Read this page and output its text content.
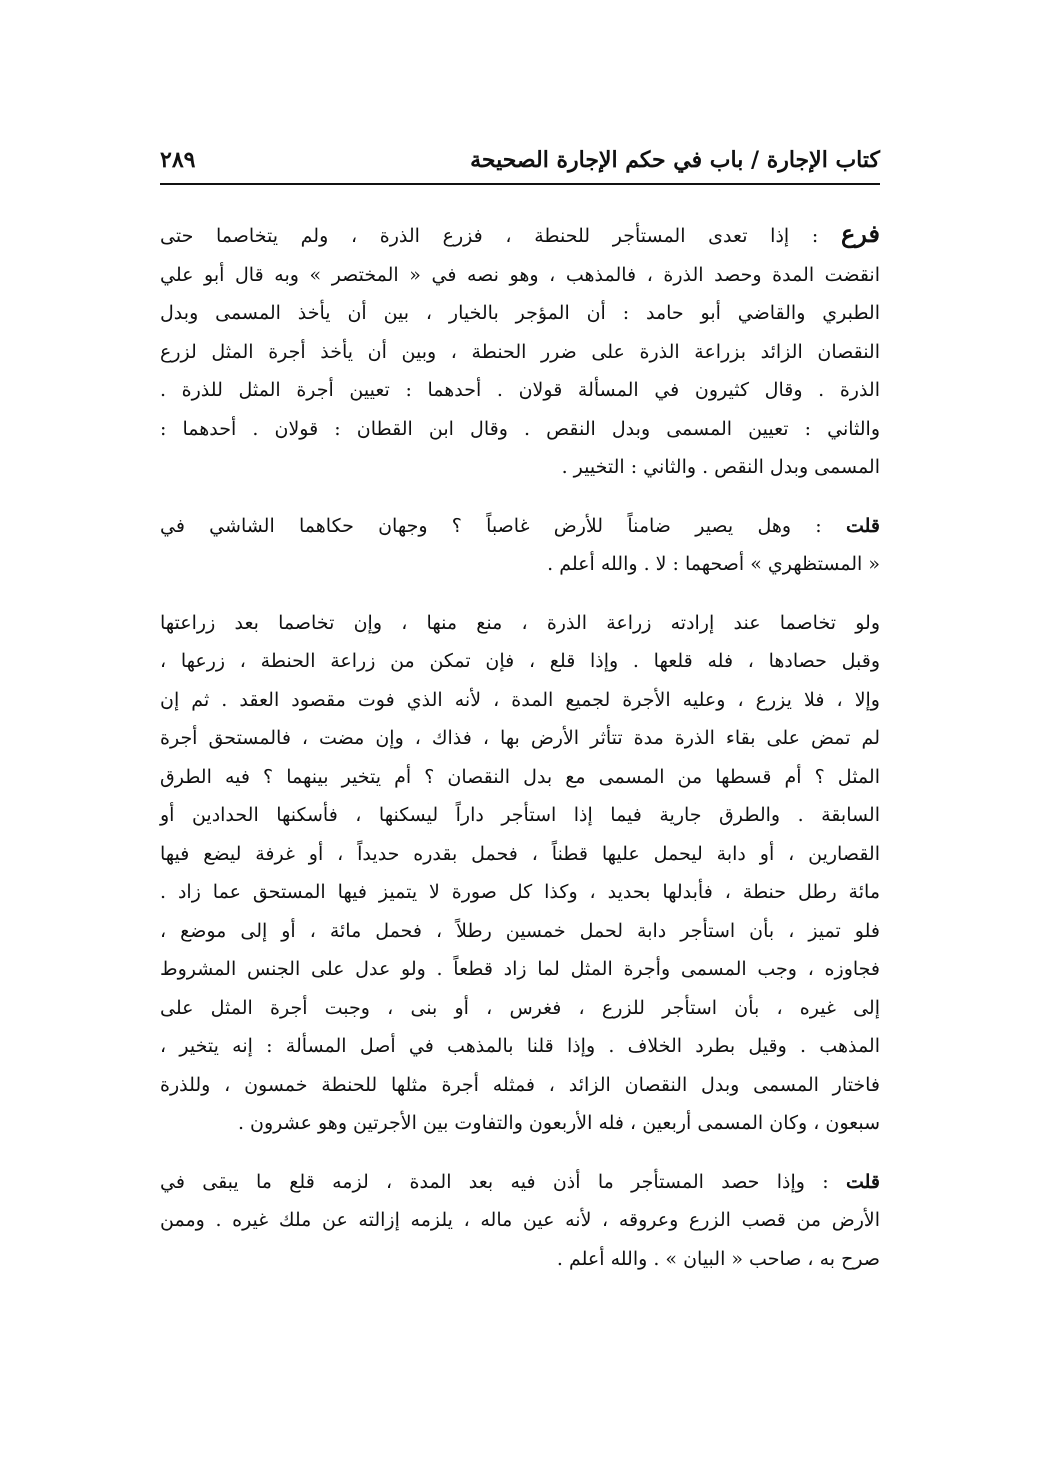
كتاب الإجارة / باب في حكم الإجارة الصحيحة
٢٨٩

فرع : إذا تعدى المستأجر للحنطة ، فزرع الذرة ، ولم يتخاصما حتى
انقضت المدة وحصد الذرة ، فالمذهب ، وهو نصه في « المختصر » وبه قال أبو علي
الطبري والقاضي أبو حامد : أن المؤجر بالخيار ، بين أن يأخذ المسمى وبدل
النقصان الزائد بزراعة الذرة على ضرر الحنطة ، وبين أن يأخذ أجرة المثل لزرع
الذرة . وقال كثيرون في المسألة قولان . أحدهما : تعيين أجرة المثل للذرة .
والثاني : تعيين المسمى وبدل النقص . وقال ابن القطان : قولان . أحدهما :
المسمى وبدل النقص . والثاني : التخيير .

قلت : وهل يصير ضامناً للأرض غاصباً ؟ وجهان حكاهما الشاشي في
« المستظهري » أصحهما : لا . والله أعلم .

ولو تخاصما عند إرادته زراعة الذرة ، منع منها ، وإن تخاصما بعد زراعتها
وقبل حصادها ، فله قلعها . وإذا قلع ، فإن تمكن من زراعة الحنطة ، زرعها ،
وإلا ، فلا يزرع ، وعليه الأجرة لجميع المدة ، لأنه الذي فوت مقصود العقد . ثم إن
لم تمض على بقاء الذرة مدة تتأثر الأرض بها ، فذاك ، وإن مضت ، فالمستحق أجرة
المثل ؟ أم قسطها من المسمى مع بدل النقصان ؟ أم يتخير بينهما ؟ فيه الطرق
السابقة . والطرق جارية فيما إذا استأجر داراً ليسكنها ، فأسكنها الحدادين أو
القصارين ، أو دابة ليحمل عليها قطناً ، فحمل بقدره حديداً ، أو غرفة ليضع فيها
مائة رطل حنطة ، فأبدلها بحديد ، وكذا كل صورة لا يتميز فيها المستحق عما زاد .
فلو تميز ، بأن استأجر دابة لحمل خمسين رطلاً ، فحمل مائة ، أو إلى موضع ،
فجاوزه ، وجب المسمى وأجرة المثل لما زاد قطعاً . ولو عدل على الجنس المشروط
إلى غيره ، بأن استأجر للزرع ، فغرس ، أو بنى ، وجبت أجرة المثل على
المذهب . وقيل بطرد الخلاف . وإذا قلنا بالمذهب في أصل المسألة : إنه يتخير ،
فاختار المسمى وبدل النقصان الزائد ، فمثله أجرة مثلها للحنطة خمسون ، وللذرة
سبعون ، وكان المسمى أربعين ، فله الأربعون والتفاوت بين الأجرتين وهو عشرون .

قلت : وإذا حصد المستأجر ما أذن فيه بعد المدة ، لزمه قلع ما يبقى في
الأرض من قصب الزرع وعروقه ، لأنه عين ماله ، يلزمه إزالته عن ملك غيره . وممن
صرح به ، صاحب « البيان » . والله أعلم .
